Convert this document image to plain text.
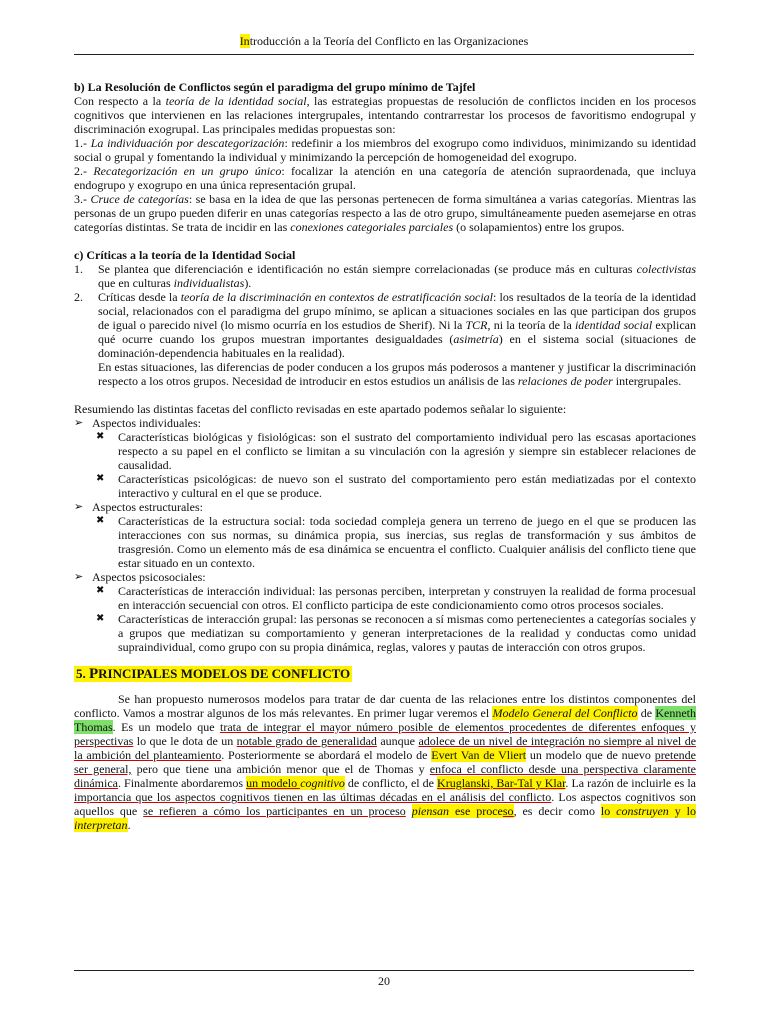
Introducción a la Teoría del Conflicto en las Organizaciones

b) La Resolución de Conflictos según el paradigma del grupo mínimo de Tajfel

Con respecto a la teoría de la identidad social, las estrategias propuestas de resolución de conflictos inciden en los procesos cognitivos que intervienen en las relaciones intergrupales, intentando contrarrestar los procesos de favoritismo endogrupal y discriminación exogrupal. Las principales medidas propuestas son:

1.- La individuación por descategorización: redefinir a los miembros del exogrupo como individuos, minimizando su identidad social o grupal y fomentando la individual y minimizando la percepción de homogeneidad del exogrupo.

2.- Recategorización en un grupo único: focalizar la atención en una categoría de atención supraordenada, que incluya endogrupo y exogrupo en una única representación grupal.

3.- Cruce de categorías: se basa en la idea de que las personas pertenecen de forma simultánea a varias categorías. Mientras las personas de un grupo pueden diferir en unas categorías respecto a las de otro grupo, simultáneamente pueden asemejarse en otras categorías distintas. Se trata de incidir en las conexiones categoriales parciales (o solapamientos) entre los grupos.

c) Críticas a la teoría de la Identidad Social

1. Se plantea que diferenciación e identificación no están siempre correlacionadas (se produce más en culturas colectivistas que en culturas individualistas).
2. Críticas desde la teoría de la discriminación en contextos de estratificación social: los resultados de la teoría de la identidad social, relacionados con el paradigma del grupo mínimo, se aplican a situaciones sociales en las que participan dos grupos de igual o parecido nivel (lo mismo ocurría en los estudios de Sherif). Ni la TCR, ni la teoría de la identidad social explican qué ocurre cuando los grupos muestran importantes desigualdades (asimetría) en el sistema social (situaciones de dominación-dependencia habituales en la realidad).
En estas situaciones, las diferencias de poder conducen a los grupos más poderosos a mantener y justificar la discriminación respecto a los otros grupos. Necesidad de introducir en estos estudios un análisis de las relaciones de poder intergrupales.

Resumiendo las distintas facetas del conflicto revisadas en este apartado podemos señalar lo siguiente:

➢ Aspectos individuales:

✖ Características biológicas y fisiológicas: son el sustrato del comportamiento individual pero las escasas aportaciones respecto a su papel en el conflicto se limitan a su vinculación con la agresión y siempre sin establecer relaciones de causalidad.

✖ Características psicológicas: de nuevo son el sustrato del comportamiento pero están mediatizadas por el contexto interactivo y cultural en el que se produce.

➢ Aspectos estructurales:

✖ Características de la estructura social: toda sociedad compleja genera un terreno de juego en el que se producen las interacciones con sus normas, su dinámica propia, sus inercias, sus reglas de transformación y sus ámbitos de trasgresión. Como un elemento más de esa dinámica se encuentra el conflicto. Cualquier análisis del conflicto tiene que estar situado en un contexto.

➢ Aspectos psicosociales:

✖ Características de interacción individual: las personas perciben, interpretan y construyen la realidad de forma procesual en interacción secuencial con otros. El conflicto participa de este condicionamiento como otros procesos sociales.

✖ Características de interacción grupal: las personas se reconocen a sí mismas como pertenecientes a categorías sociales y a grupos que mediatizan su comportamiento y generan interpretaciones de la realidad y conductas como unidad supraindividual, como grupo con su propia dinámica, reglas, valores y pautas de interacción con otros grupos.

5. PRINCIPALES MODELOS DE CONFLICTO

Se han propuesto numerosos modelos para tratar de dar cuenta de las relaciones entre los distintos componentes del conflicto. Vamos a mostrar algunos de los más relevantes. En primer lugar veremos el Modelo General del Conflicto de Kenneth Thomas. Es un modelo que trata de integrar el mayor número posible de elementos procedentes de diferentes enfoques y perspectivas lo que le dota de un notable grado de generalidad aunque adolece de un nivel de integración no siempre al nivel de la ambición del planteamiento. Posteriormente se abordará el modelo de Evert Van de Vliert un modelo que de nuevo pretende ser general, pero que tiene una ambición menor que el de Thomas y enfoca el conflicto desde una perspectiva claramente dinámica. Finalmente abordaremos un modelo cognitivo de conflicto, el de Kruglanski, Bar-Tal y Klar. La razón de incluirle es la importancia que los aspectos cognitivos tienen en las últimas décadas en el análisis del conflicto. Los aspectos cognitivos son aquellos que se refieren a cómo los participantes en un proceso piensan ese proceso, es decir como lo construyen y lo interpretan.

20
